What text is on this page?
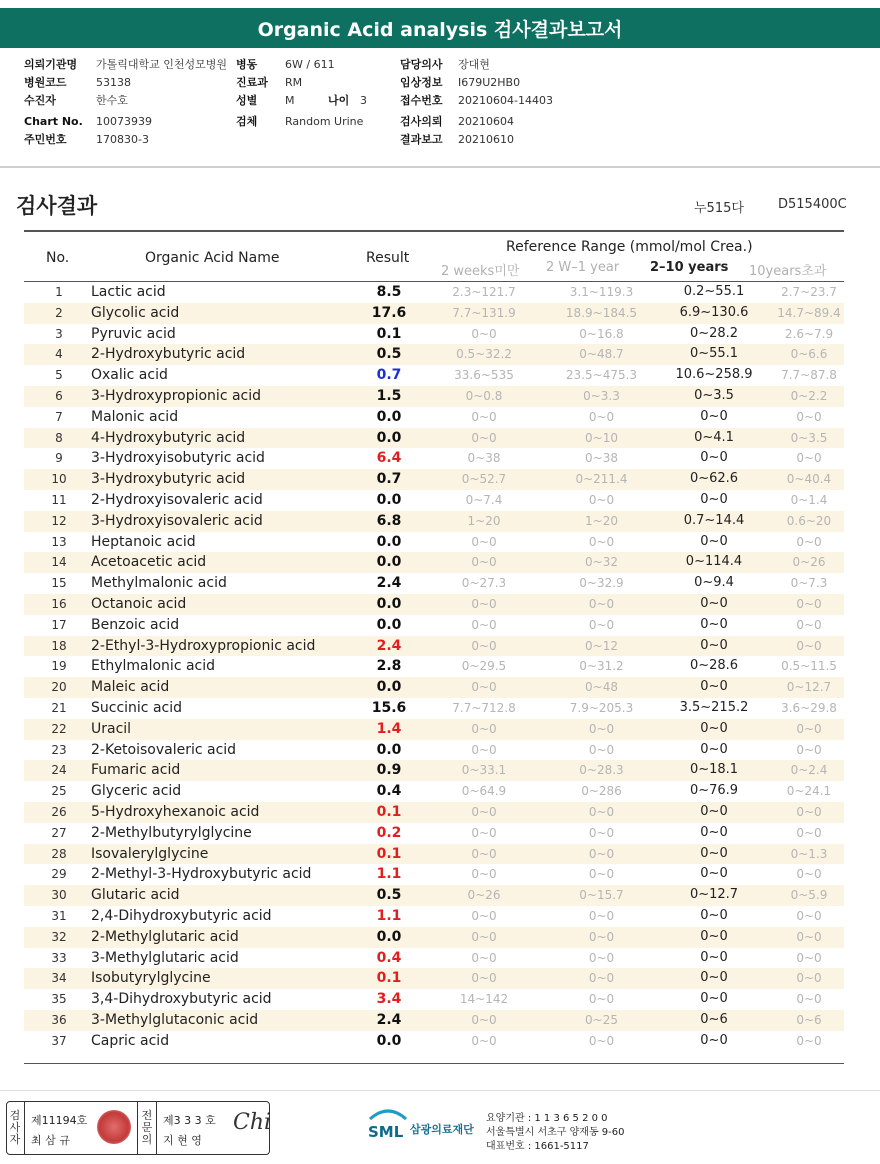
Organic Acid analysis 검사결과보고서
의뢰기관명 가톨릭대학교 인천성모병원
병원코드	53138
수진자	한수호
Chart No. 10073939
주민번호	170830-3
병동	6W / 611
진료과 RM
성별	M
검체	Random Urine
나이 3
담당의사 장대현
임상정보 I679U2HB0
접수번호 20210604-14403
검사의뢰 20210604
결과보고 20210610
검사결과	누515다	D515400C
No.	Organic Acid Name	Result
Reference Range (mmol/mol Crea.)
2 weeks미만 2 W–1 year 2–10 years 10years초과
1	Lactic acid	8.5	2.3~121.7	3.1~119.3	0.2~55.1	2.7~23.7
2	Glycolic acid	17.6	7.7~131.9	18.9~184.5	6.9~130.6	14.7~89.4
3	Pyruvic acid	0.1	0~0	0~16.8	0~28.2	2.6~7.9
4	2-Hydroxybutyric acid	0.5	0.5~32.2	0~48.7	0~55.1	0~6.6
5	Oxalic acid	0.7	33.6~535	23.5~475.3	10.6~258.9	7.7~87.8
6	3-Hydroxypropionic acid	1.5	0~0.8	0~3.3	0~3.5	0~2.2
7	Malonic acid	0.0	0~0	0~0	0~0	0~0
8	4-Hydroxybutyric acid	0.0	0~0	0~10	0~4.1	0~3.5
9	3-Hydroxyisobutyric acid	6.4	0~38	0~38	0~0	0~0
10	3-Hydroxybutyric acid	0.7	0~52.7	0~211.4	0~62.6	0~40.4
11	2-Hydroxyisovaleric acid	0.0	0~7.4	0~0	0~0	0~1.4
12	3-Hydroxyisovaleric acid	6.8	1~20	1~20	0.7~14.4	0.6~20
13	Heptanoic acid	0.0	0~0	0~0	0~0	0~0
14	Acetoacetic acid	0.0	0~0	0~32	0~114.4	0~26
15	Methylmalonic acid	2.4	0~27.3	0~32.9	0~9.4	0~7.3
16	Octanoic acid	0.0	0~0	0~0	0~0	0~0
17	Benzoic acid	0.0	0~0	0~0	0~0	0~0
18	2-Ethyl-3-Hydroxypropionic acid	2.4	0~0	0~12	0~0	0~0
19	Ethylmalonic acid	2.8	0~29.5	0~31.2	0~28.6	0.5~11.5
20	Maleic acid	0.0	0~0	0~48	0~0	0~12.7
21	Succinic acid	15.6	7.7~712.8	7.9~205.3	3.5~215.2	3.6~29.8
22	Uracil	1.4	0~0	0~0	0~0	0~0
23	2-Ketoisovaleric acid	0.0	0~0	0~0	0~0	0~0
24	Fumaric acid	0.9	0~33.1	0~28.3	0~18.1	0~2.4
25	Glyceric acid	0.4	0~64.9	0~286	0~76.9	0~24.1
26	5-Hydroxyhexanoic acid	0.1	0~0	0~0	0~0	0~0
27	2-Methylbutyrylglycine	0.2	0~0	0~0	0~0	0~0
28	Isovalerylglycine	0.1	0~0	0~0	0~0	0~1.3
29	2-Methyl-3-Hydroxybutyric acid	1.1	0~0	0~0	0~0	0~0
30	Glutaric acid	0.5	0~26	0~15.7	0~12.7	0~5.9
31	2,4-Dihydroxybutyric acid	1.1	0~0	0~0	0~0	0~0
32	2-Methylglutaric acid	0.0	0~0	0~0	0~0	0~0
33	3-Methylglutaric acid	0.4	0~0	0~0	0~0	0~0
34	Isobutyrylglycine	0.1	0~0	0~0	0~0	0~0
35	3,4-Dihydroxybutyric acid	3.4	14~142	0~0	0~0	0~0
36	3-Methylglutaconic acid	2.4	0~0	0~25	0~6	0~6
37	Capric acid	0.0	0~0	0~0	0~0	0~0
검사자
제11194호
최 삼 규
전문의
제3 3 3 호
지 현 영
Chi	SML 삼광의료재단
요양기관 : 1 1 3 6 5 2 0 0
서울특별시 서초구 양재동 9-60
대표번호 : 1661-5117
